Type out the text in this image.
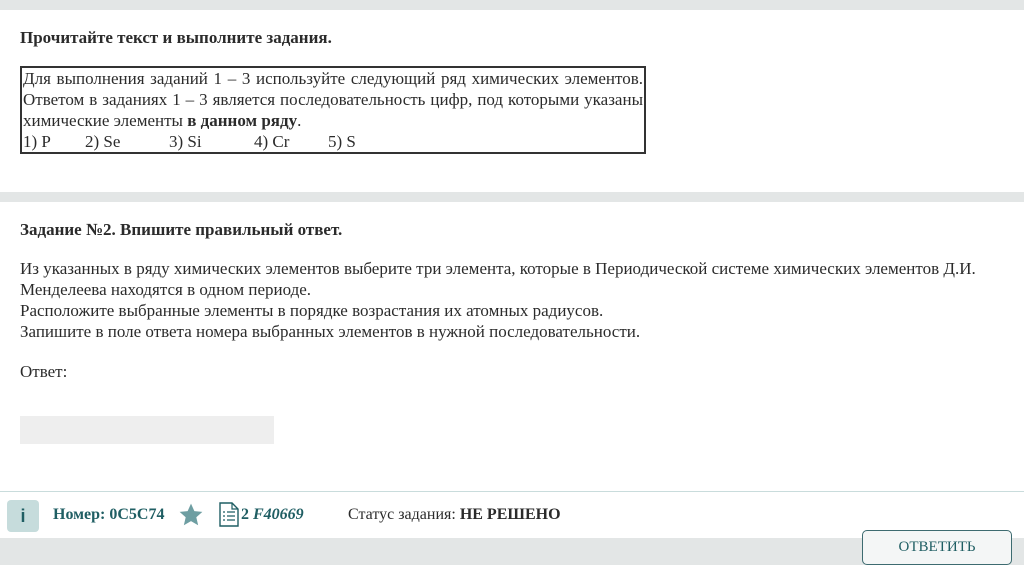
Прочитайте текст и выполните задания.
Для выполнения заданий 1 – 3 используйте следующий ряд химических элементов. Ответом в заданиях 1 – 3 является последовательность цифр, под которыми указаны химические элементы в данном ряду.
1) P 2) Se	3) Si	4) Cr 5) S
Задание №2. Впишите правильный ответ.

Из указанных в ряду химических элементов выберите три элемента, которые в Периодической системе химических элементов Д.И. Менделеева находятся в одном периоде.

Расположите выбранные элементы в порядке возрастания их атомных радиусов.

Запишите в поле ответа номера выбранных элементов в нужной последовательности.

Ответ:
i	Номер: 0C5C74	2 F40669	Статус задания: НЕ РЕШЕНО
ОТВЕТИТЬ
